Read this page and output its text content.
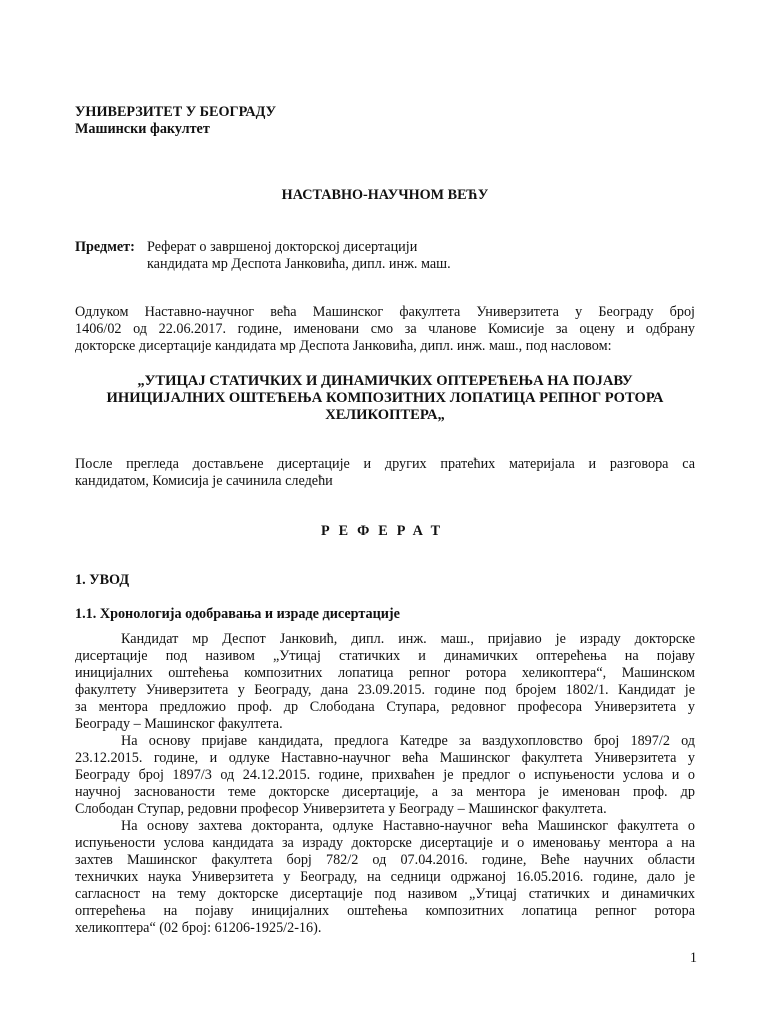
УНИВЕРЗИТЕТ У БЕОГРАДУ
Машински факултет
НАСТАВНО-НАУЧНОМ ВЕЋУ
Предмет: Реферат о завршеној докторској дисертацији
кандидата мр Деспота Јанковића, дипл. инж. маш.
Одлуком Наставно-научног већа Машинског факултета Универзитета у Београду број
1406/02 од 22.06.2017. године, именовани смо за чланове Комисије за оцену и одбрану
докторске дисертације кандидата мр Деспота Јанковића, дипл. инж. маш., под насловом:
„УТИЦАЈ СТАТИЧКИХ И ДИНАМИЧКИХ ОПТЕРЕЋЕЊА НА ПОЈАВУ
ИНИЦИЈАЛНИХ ОШТЕЋЕЊА КОМПОЗИТНИХ ЛОПАТИЦА РЕПНОГ РОТОРА
ХЕЛИКОПТЕРА„
После прегледа достављене дисертације и других пратећих материјала и разговора са
кандидатом, Комисија је сачинила следећи
РЕФЕРАТ
1. УВОД
1.1. Хронологија одобравања и израде дисертације
Кандидат мр Деспот Јанковић, дипл. инж. маш., пријавио је израду докторске
дисертације под називом „Утицај статичких и динамичких оптерећења на појаву
иницијалних оштећења композитних лопатица репног ротора хеликоптера“, Машинском
факултету Универзитета у Београду, дана 23.09.2015. године под бројем 1802/1. Кандидат је
за ментора предложио проф. др Слободана Ступара, редовног професора Универзитета у
Београду – Машинског факултета.
На основу пријаве кандидата, предлога Катедре за ваздухопловство број 1897/2 од
23.12.2015. године, и одлуке Наставно-научног већа Машинског факултета Универзитета у
Београду број 1897/3 од 24.12.2015. године, прихваћен је предлог о испуњености услова и о
научној заснованости теме докторске дисертације, а за ментора је именован проф. др
Слободан Ступар, редовни професор Универзитета у Београду – Машинског факултета.
На основу захтева докторанта, одлуке Наставно-научног већа Машинског факултета о
испуњености услова кандидата за израду докторске дисертације и о именовању ментора а на
захтев Машинског факултета борј 782/2 од 07.04.2016. године, Веће научних области
техничких наука Универзитета у Београду, на седници одржаној 16.05.2016. године, дало је
сагласност на тему докторске дисертације под називом „Утицај статичких и динамичких
оптерећења на појаву иницијалних оштећења композитних лопатица репног ротора
хеликоптера“ (02 број: 61206-1925/2-16).
1
